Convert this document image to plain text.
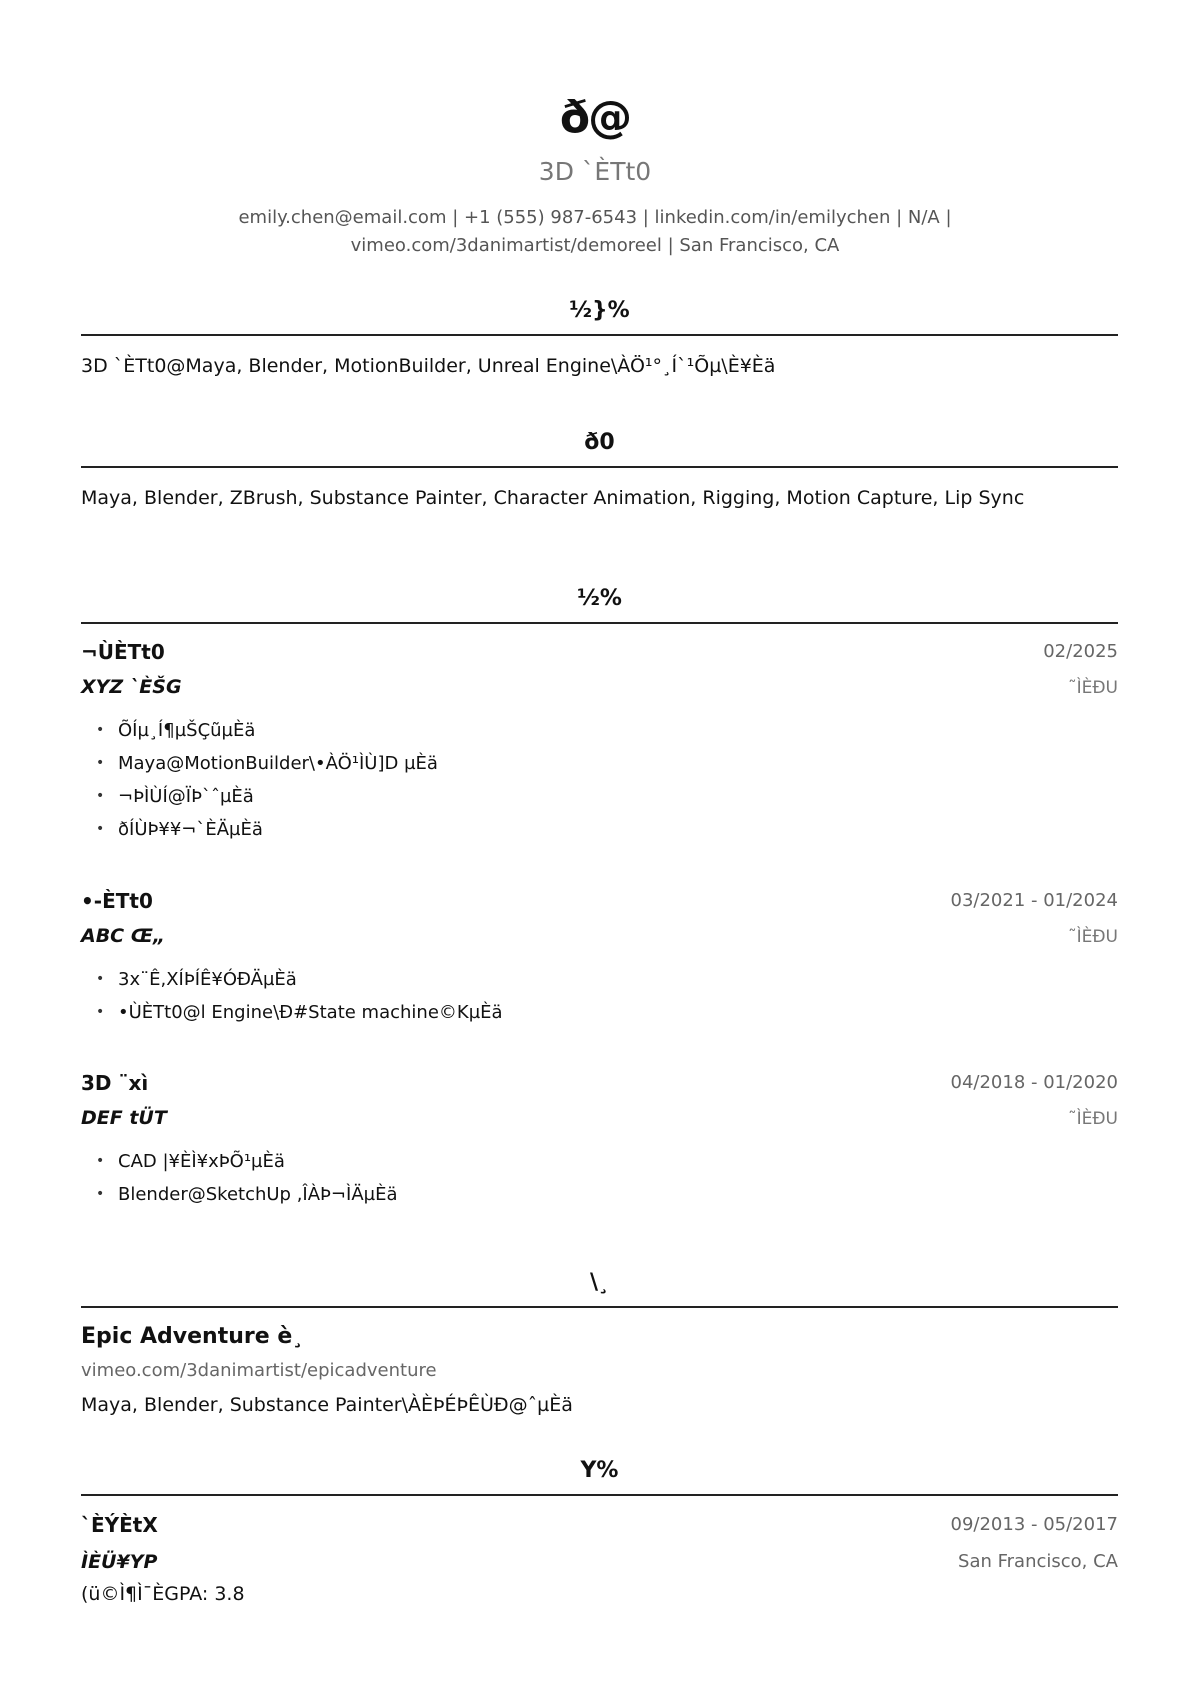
ð@
3D `ÈTt0
emily.chen@email.com | +1 (555) 987-6543 | linkedin.com/in/emilychen | N/A |
vimeo.com/3danimartist/demoreel | San Francisco, CA
½}%
3D `ÈTt0@Maya, Blender, MotionBuilder, Unreal Engine\ÀÖ¹°¸Í`¹Õµ\È¥Èä
ð0
Maya, Blender, ZBrush, Substance Painter, Character Animation, Rigging, Motion Capture, Lip Sync
½%
¬ÙÈTt0	02/2025
XYZ `ÈŠG	˜ÌÈÐU
• ÕÍµ¸Í¶µŠÇũµÈä
• Maya@MotionBuilder\•ÀÖ¹ÌÙ]D µÈä
• ¬ÞÌÙÍ@ÏÞ`ˆµÈä
• ðÍÙÞ¥¥¬`ÈÄµÈä
•-ÈTt0	03/2021 - 01/2024
ABC Œ„	˜ÌÈÐU
• 3x¨Ê,XÍÞÍÊ¥ÓÐÄµÈä
• •ÙÈTt0@l Engine\Ð#State machine©KµÈä
3D ¨xì	04/2018 - 01/2020
DEF tÜT	˜ÌÈÐU
• CAD |¥ÈÌ¥xÞÕ¹µÈä
• Blender@SketchUp ,ÎÀÞ¬ÌÄµÈä
\¸
Epic Adventure è¸
vimeo.com/3danimartist/epicadventure
Maya, Blender, Substance Painter\ÀÈÞÉÞÊÙÐ@ˆµÈä
Y%
`ÈÝÈtX	09/2013 - 05/2017
ÌÈÜ¥YP	San Francisco, CA
(ü©Ì¶Ì¯ÈGPA: 3.8
